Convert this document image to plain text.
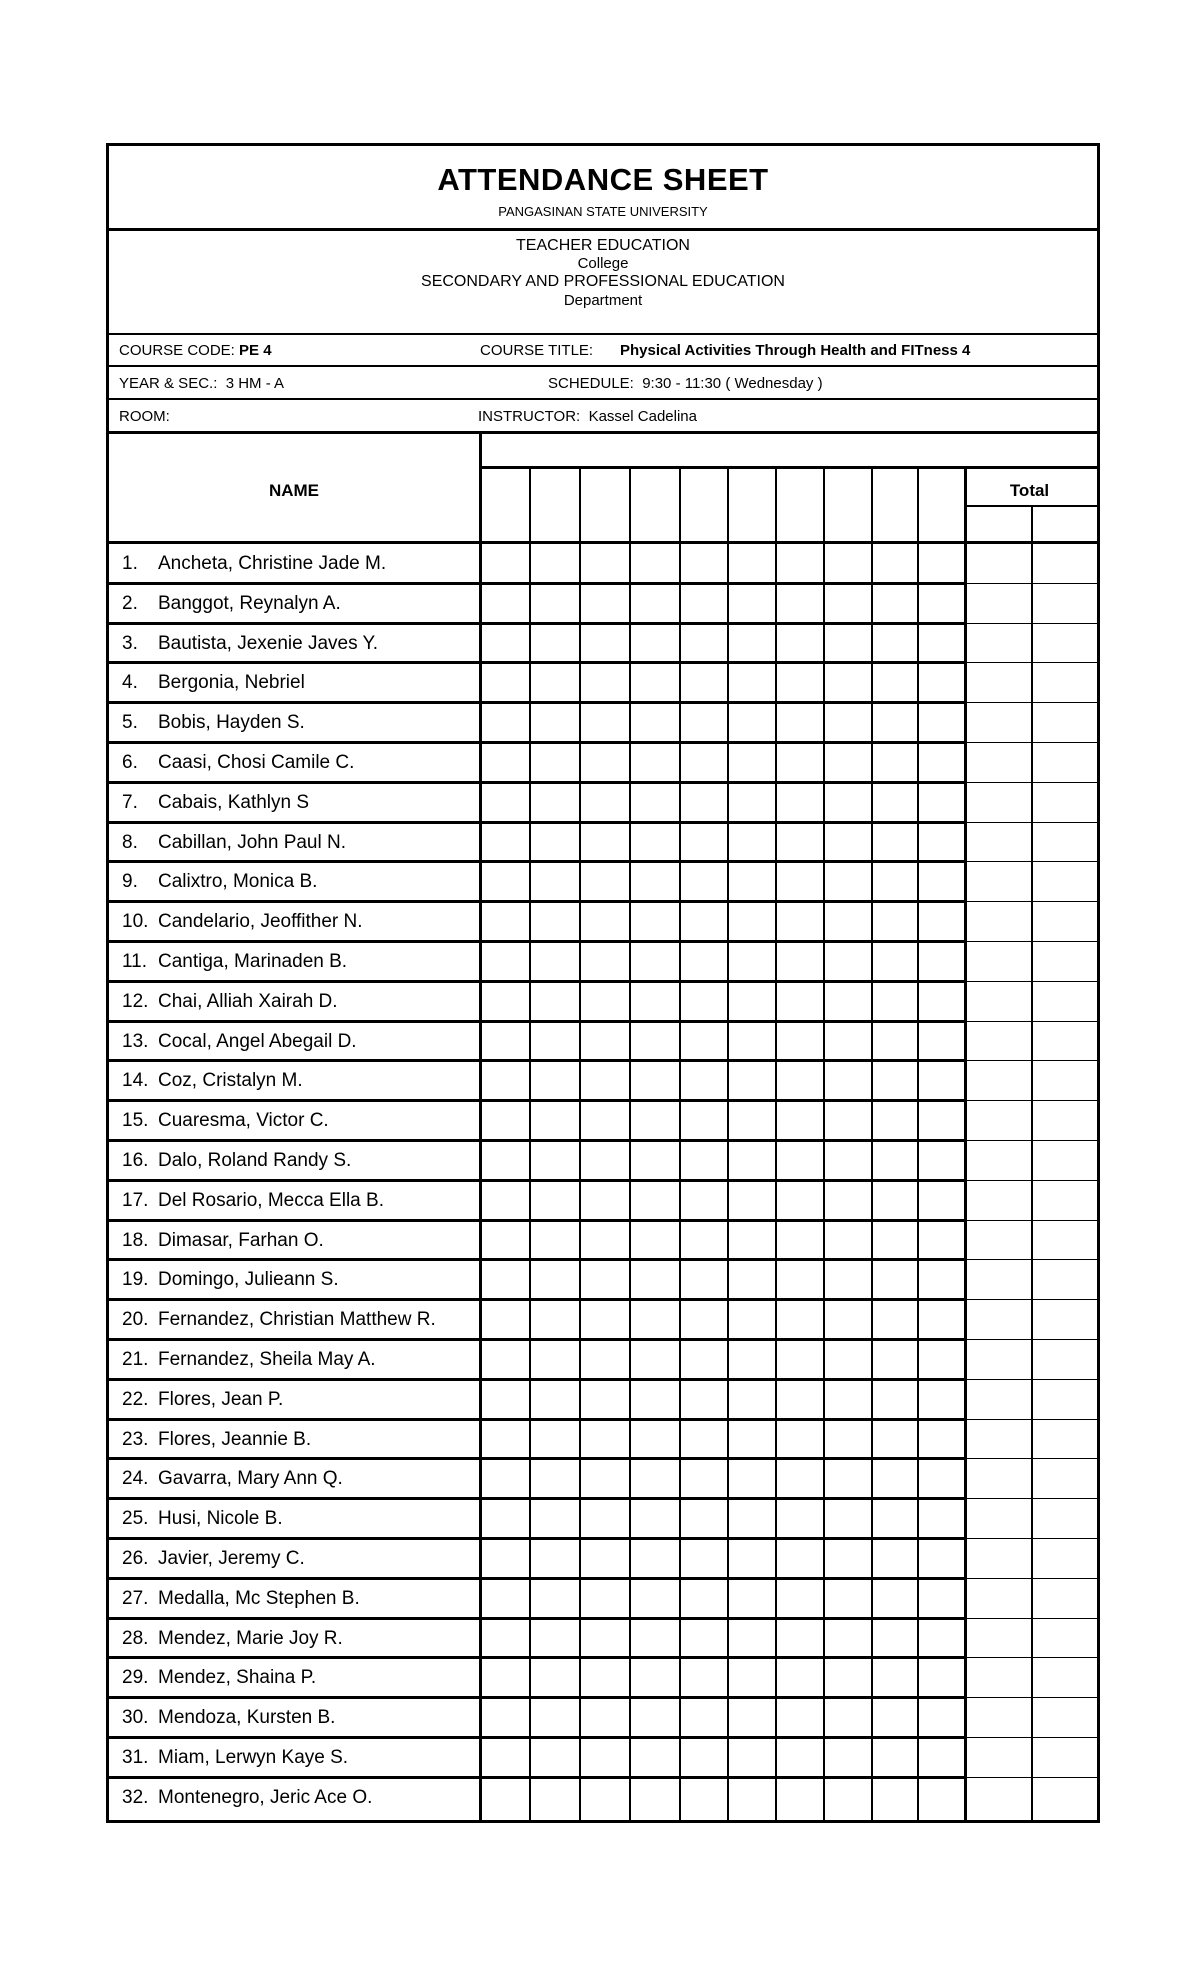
ATTENDANCE SHEET
PANGASINAN STATE UNIVERSITY
TEACHER EDUCATION
College
SECONDARY AND PROFESSIONAL EDUCATION
Department
COURSE CODE: PE 4	COURSE TITLE: Physical Activities Through Health and FITness 4
YEAR & SEC.: 3 HM - A	SCHEDULE: 9:30 - 11:30 ( Wednesday )
ROOM:	INSTRUCTOR: Kassel Cadelina
NAME	Total
1.	Ancheta, Christine Jade M.
2.	Banggot, Reynalyn A.
3.	Bautista, Jexenie Javes Y.
4.	Bergonia, Nebriel
5.	Bobis, Hayden S.
6.	Caasi, Chosi Camile C.
7.	Cabais, Kathlyn S
8.	Cabillan, John Paul N.
9.	Calixtro, Monica B.
10. Candelario, Jeoffither N.
11. Cantiga, Marinaden B.
12. Chai, Alliah Xairah D.
13. Cocal, Angel Abegail D.
14. Coz, Cristalyn M.
15. Cuaresma, Victor C.
16. Dalo, Roland Randy S.
17. Del Rosario, Mecca Ella B.
18. Dimasar, Farhan O.
19. Domingo, Julieann S.
20. Fernandez, Christian Matthew R.
21. Fernandez, Sheila May A.
22. Flores, Jean P.
23. Flores, Jeannie B.
24. Gavarra, Mary Ann Q.
25. Husi, Nicole B.
26. Javier, Jeremy C.
27. Medalla, Mc Stephen B.
28. Mendez, Marie Joy R.
29. Mendez, Shaina P.
30. Mendoza, Kursten B.
31. Miam, Lerwyn Kaye S.
32. Montenegro, Jeric Ace O.
